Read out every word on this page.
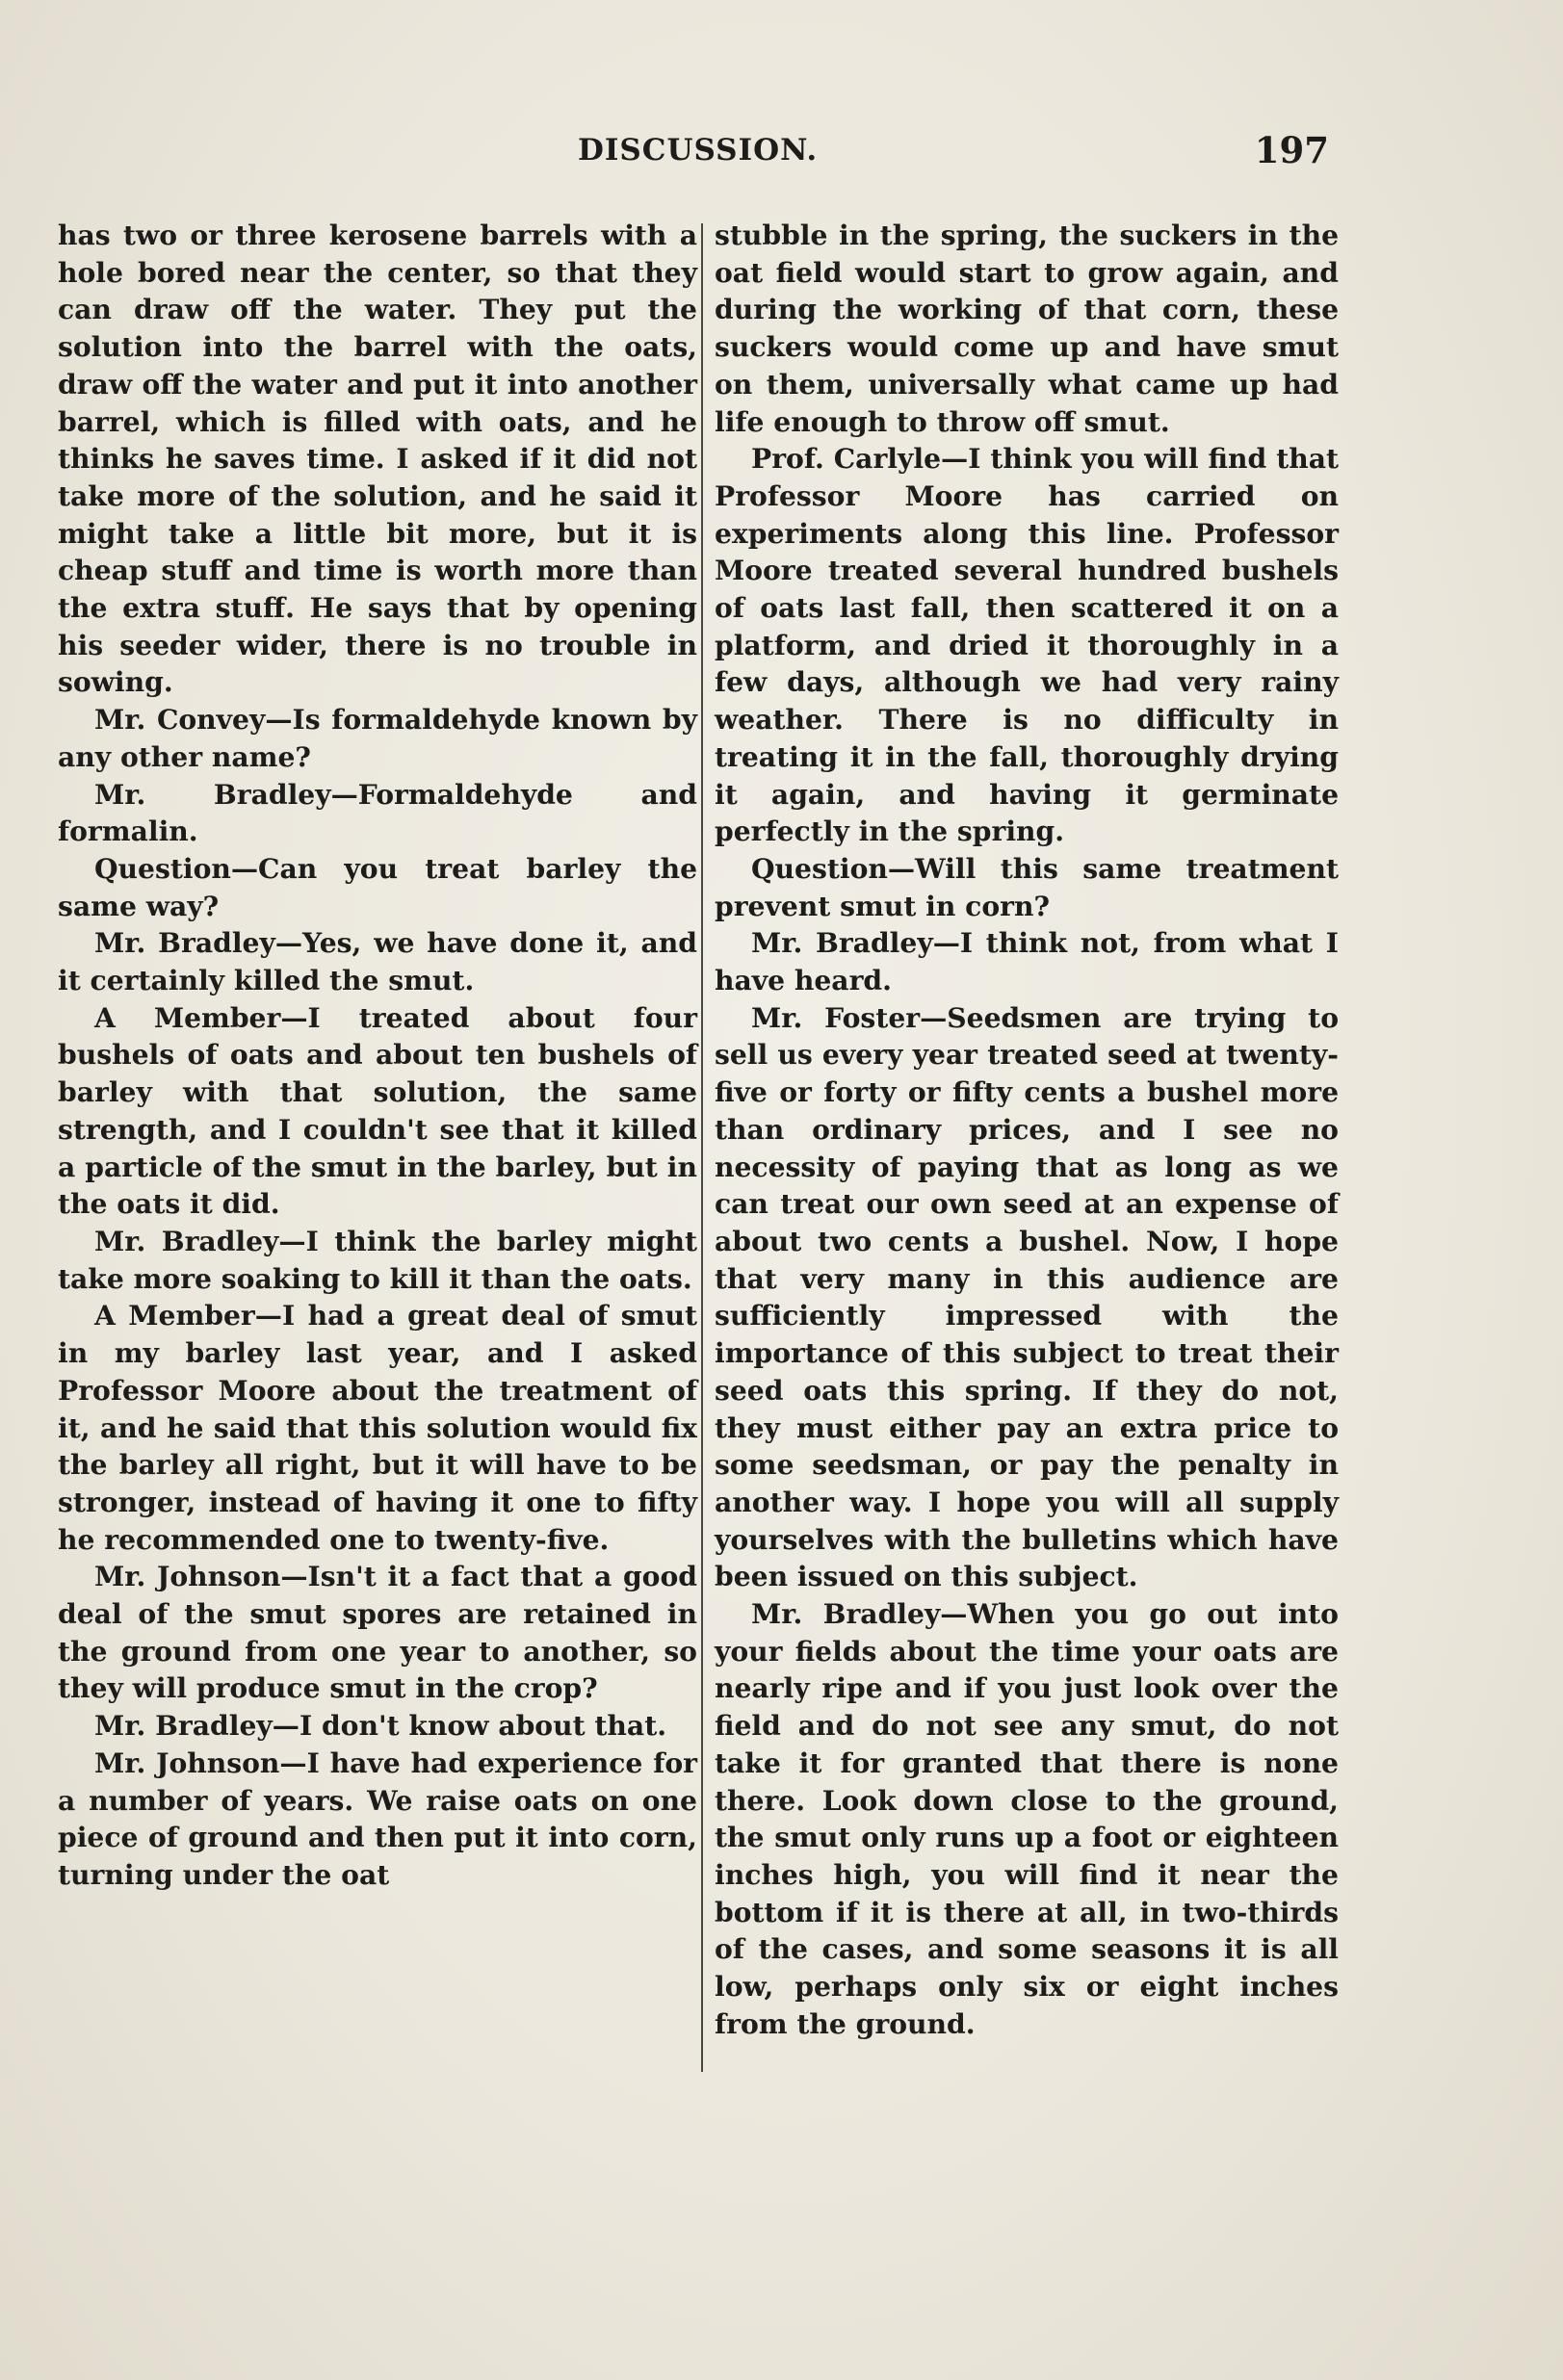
DISCUSSION.	197

has two or three kerosene barrels with a hole bored near the center, so that they can draw off the water. They put the solution into the barrel with the oats, draw off the water and put it into another barrel, which is filled with oats, and he thinks he saves time. I asked if it did not take more of the solution, and he said it might take a little bit more, but it is cheap stuff and time is worth more than the extra stuff. He says that by opening his seeder wider, there is no trouble in sowing.

Mr. Convey—Is formaldehyde known by any other name?

Mr. Bradley—Formaldehyde and formalin.

Question—Can you treat barley the same way?

Mr. Bradley—Yes, we have done it, and it certainly killed the smut.

A Member—I treated about four bushels of oats and about ten bushels of barley with that solution, the same strength, and I couldn't see that it killed a particle of the smut in the barley, but in the oats it did.

Mr. Bradley—I think the barley might take more soaking to kill it than the oats.

A Member—I had a great deal of smut in my barley last year, and I asked Professor Moore about the treatment of it, and he said that this solution would fix the barley all right, but it will have to be stronger, instead of having it one to fifty he recommended one to twenty-five.

Mr. Johnson—Isn't it a fact that a good deal of the smut spores are retained in the ground from one year to another, so they will produce smut in the crop?

Mr. Bradley—I don't know about that.

Mr. Johnson—I have had experience for a number of years. We raise oats on one piece of ground and then put it into corn, turning under the oat

stubble in the spring, the suckers in the oat field would start to grow again, and during the working of that corn, these suckers would come up and have smut on them, universally what came up had life enough to throw off smut.

Prof. Carlyle—I think you will find that Professor Moore has carried on experiments along this line. Professor Moore treated several hundred bushels of oats last fall, then scattered it on a platform, and dried it thoroughly in a few days, although we had very rainy weather. There is no difficulty in treating it in the fall, thoroughly drying it again, and having it germinate perfectly in the spring.

Question—Will this same treatment prevent smut in corn?

Mr. Bradley—I think not, from what I have heard.

Mr. Foster—Seedsmen are trying to sell us every year treated seed at twenty-five or forty or fifty cents a bushel more than ordinary prices, and I see no necessity of paying that as long as we can treat our own seed at an expense of about two cents a bushel. Now, I hope that very many in this audience are sufficiently impressed with the importance of this subject to treat their seed oats this spring. If they do not, they must either pay an extra price to some seedsman, or pay the penalty in another way. I hope you will all supply yourselves with the bulletins which have been issued on this subject.

Mr. Bradley—When you go out into your fields about the time your oats are nearly ripe and if you just look over the field and do not see any smut, do not take it for granted that there is none there. Look down close to the ground, the smut only runs up a foot or eighteen inches high, you will find it near the bottom if it is there at all, in two-thirds of the cases, and some seasons it is all low, perhaps only six or eight inches from the ground.
